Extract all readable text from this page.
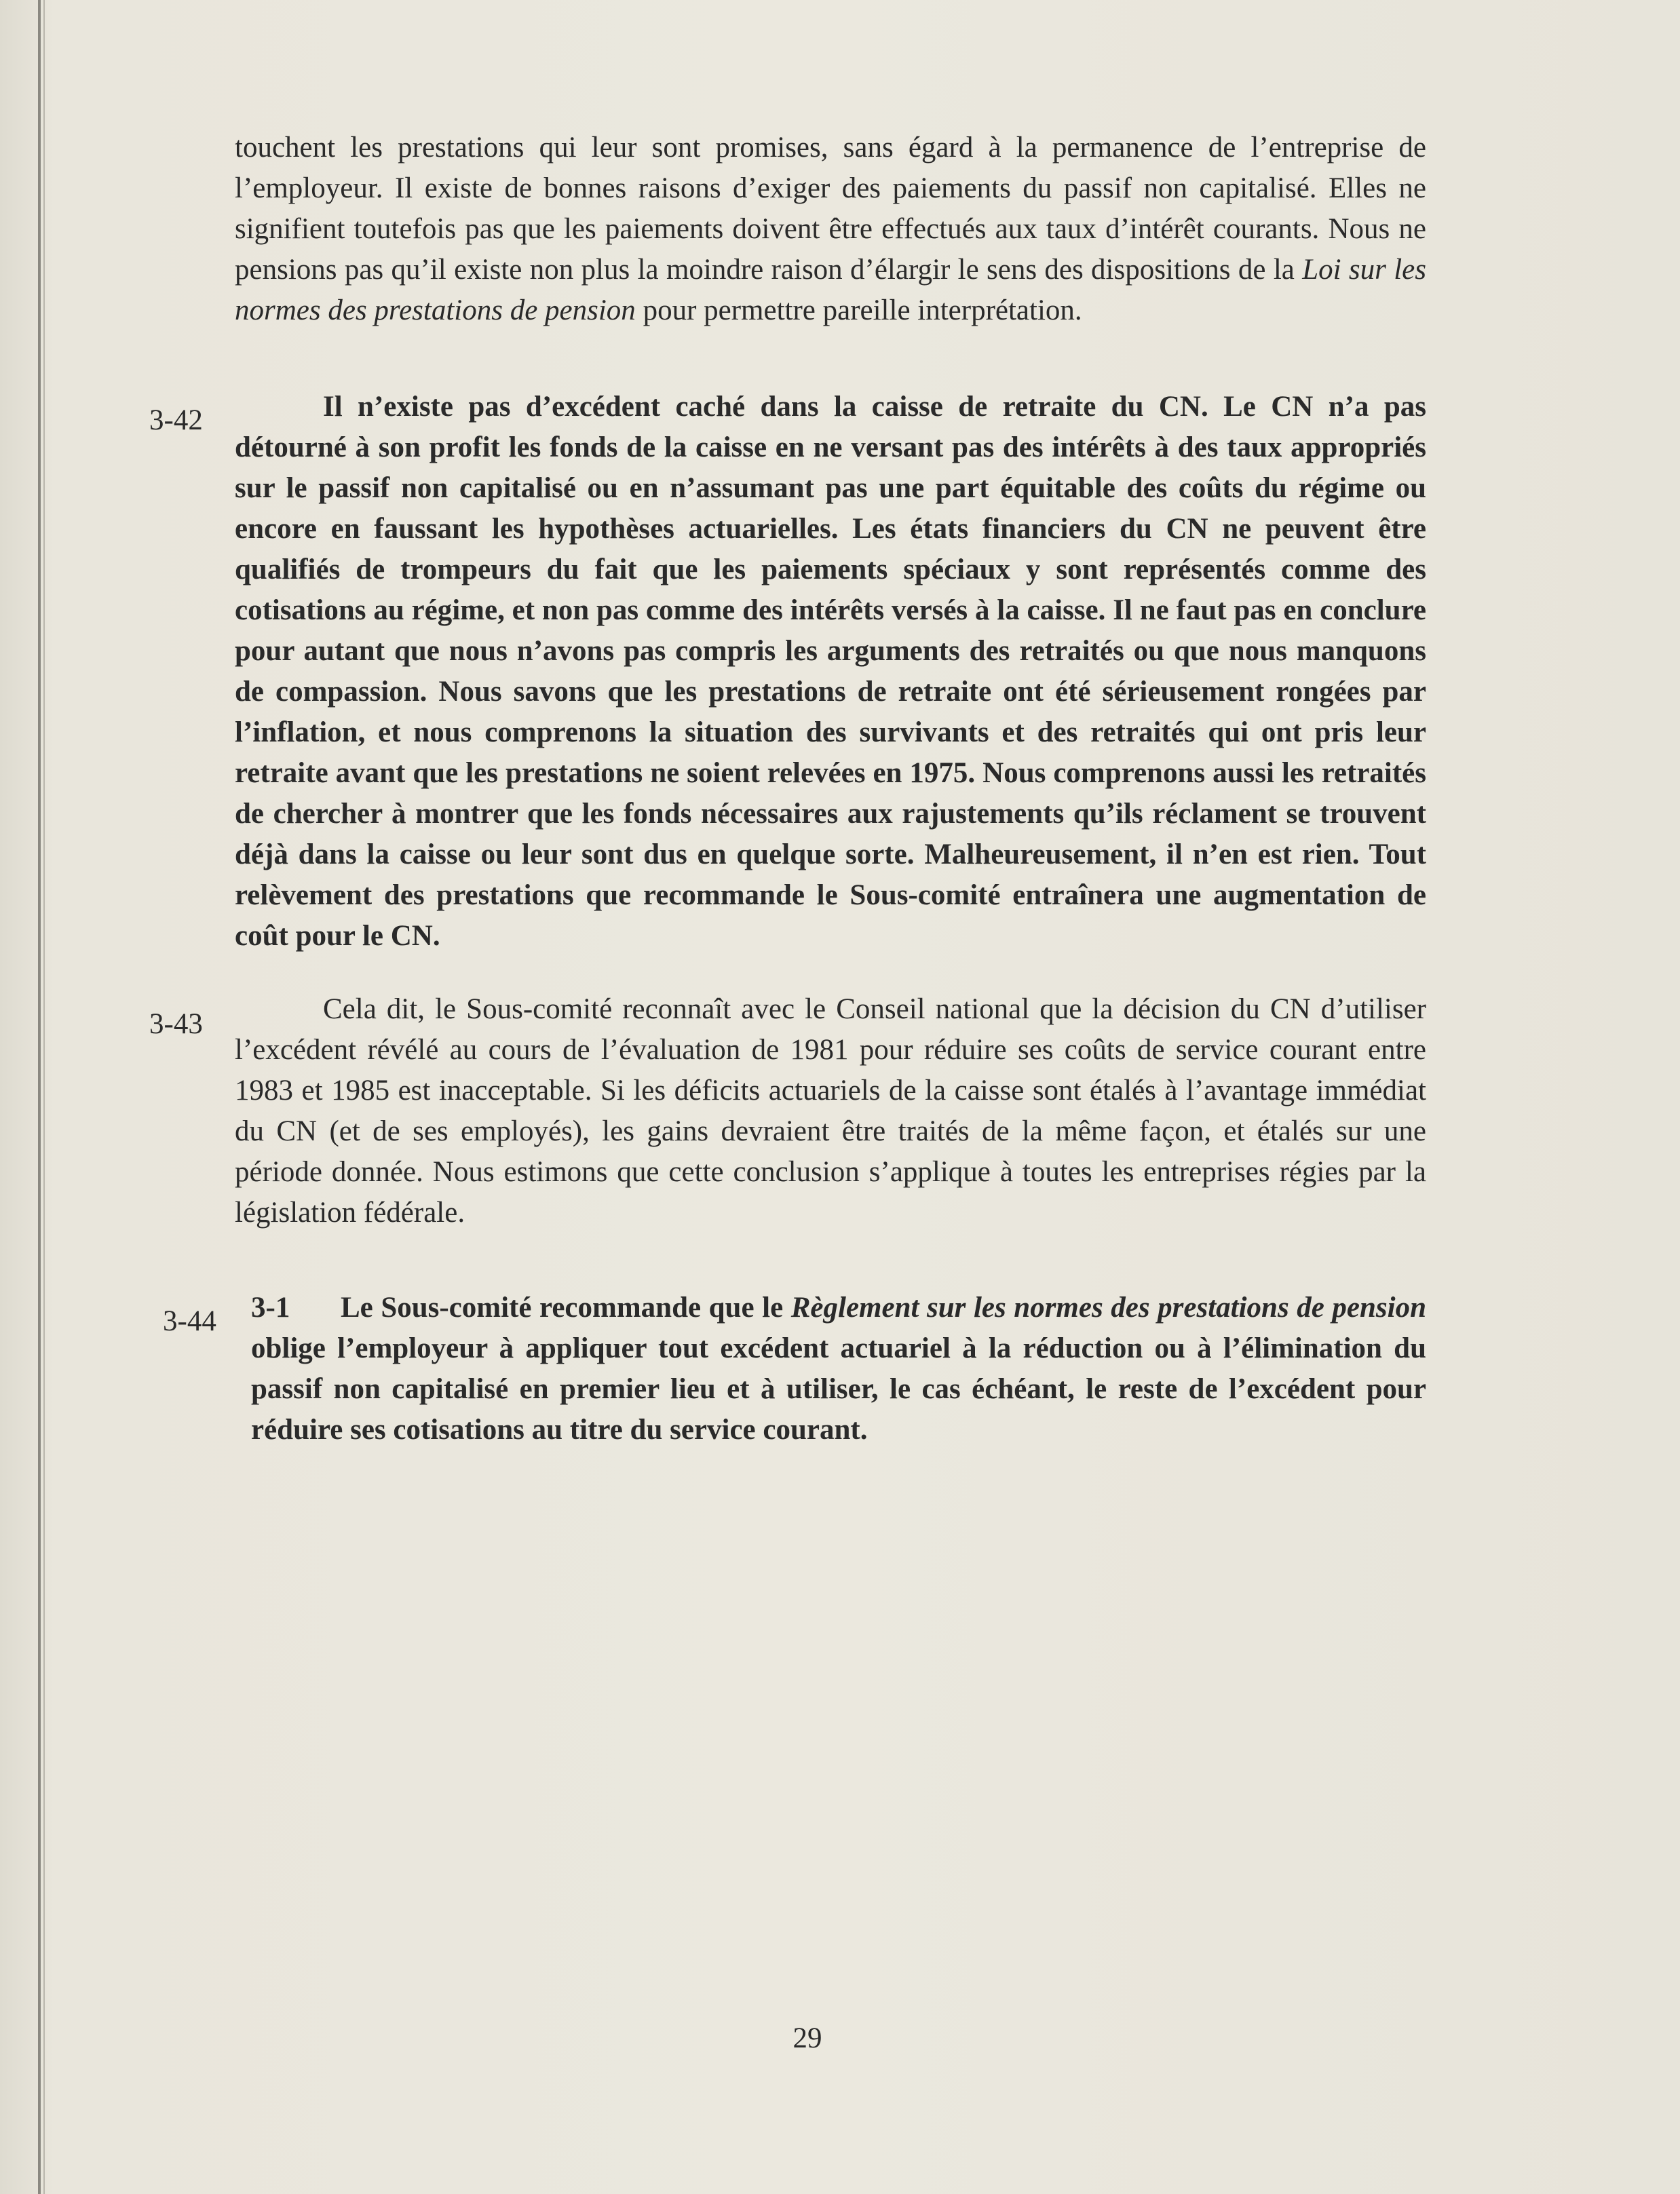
touchent les prestations qui leur sont promises, sans égard à la permanence de l’entreprise de l’employeur. Il existe de bonnes raisons d’exiger des paiements du passif non capitalisé. Elles ne signifient toutefois pas que les paiements doivent être effectués aux taux d’intérêt courants. Nous ne pensions pas qu’il existe non plus la moindre raison d’élargir le sens des dispositions de la Loi sur les normes des prestations de pension pour permettre pareille interprétation.

3-42	Il n’existe pas d’excédent caché dans la caisse de retraite du CN. Le CN n’a pas détourné à son profit les fonds de la caisse en ne versant pas des intérêts à des taux appropriés sur le passif non capitalisé ou en n’assumant pas une part équitable des coûts du régime ou encore en faussant les hypothèses actuarielles. Les états financiers du CN ne peuvent être qualifiés de trompeurs du fait que les paiements spéciaux y sont représentés comme des cotisations au régime, et non pas comme des intérêts versés à la caisse. Il ne faut pas en conclure pour autant que nous n’avons pas compris les arguments des retraités ou que nous manquons de compassion. Nous savons que les prestations de retraite ont été sérieusement rongées par l’inflation, et nous comprenons la situation des survivants et des retraités qui ont pris leur retraite avant que les prestations ne soient relevées en 1975. Nous comprenons aussi les retraités de chercher à montrer que les fonds nécessaires aux rajustements qu’ils réclament se trouvent déjà dans la caisse ou leur sont dus en quelque sorte. Malheureusement, il n’en est rien. Tout relèvement des prestations que recommande le Sous-comité entraînera une augmentation de coût pour le CN.

3-43	Cela dit, le Sous-comité reconnaît avec le Conseil national que la décision du CN d’utiliser l’excédent révélé au cours de l’évaluation de 1981 pour réduire ses coûts de service courant entre 1983 et 1985 est inacceptable. Si les déficits actuariels de la caisse sont étalés à l’avantage immédiat du CN (et de ses employés), les gains devraient être traités de la même façon, et étalés sur une période donnée. Nous estimons que cette conclusion s’applique à toutes les entreprises régies par la législation fédérale.

3-44 3-1 Le Sous-comité recommande que le Règlement sur les normes des prestations de pension oblige l’employeur à appliquer tout excédent actuariel à la réduction ou à l’élimination du passif non capitalisé en premier lieu et à utiliser, le cas échéant, le reste de l’excédent pour réduire ses cotisations au titre du service courant.

29
